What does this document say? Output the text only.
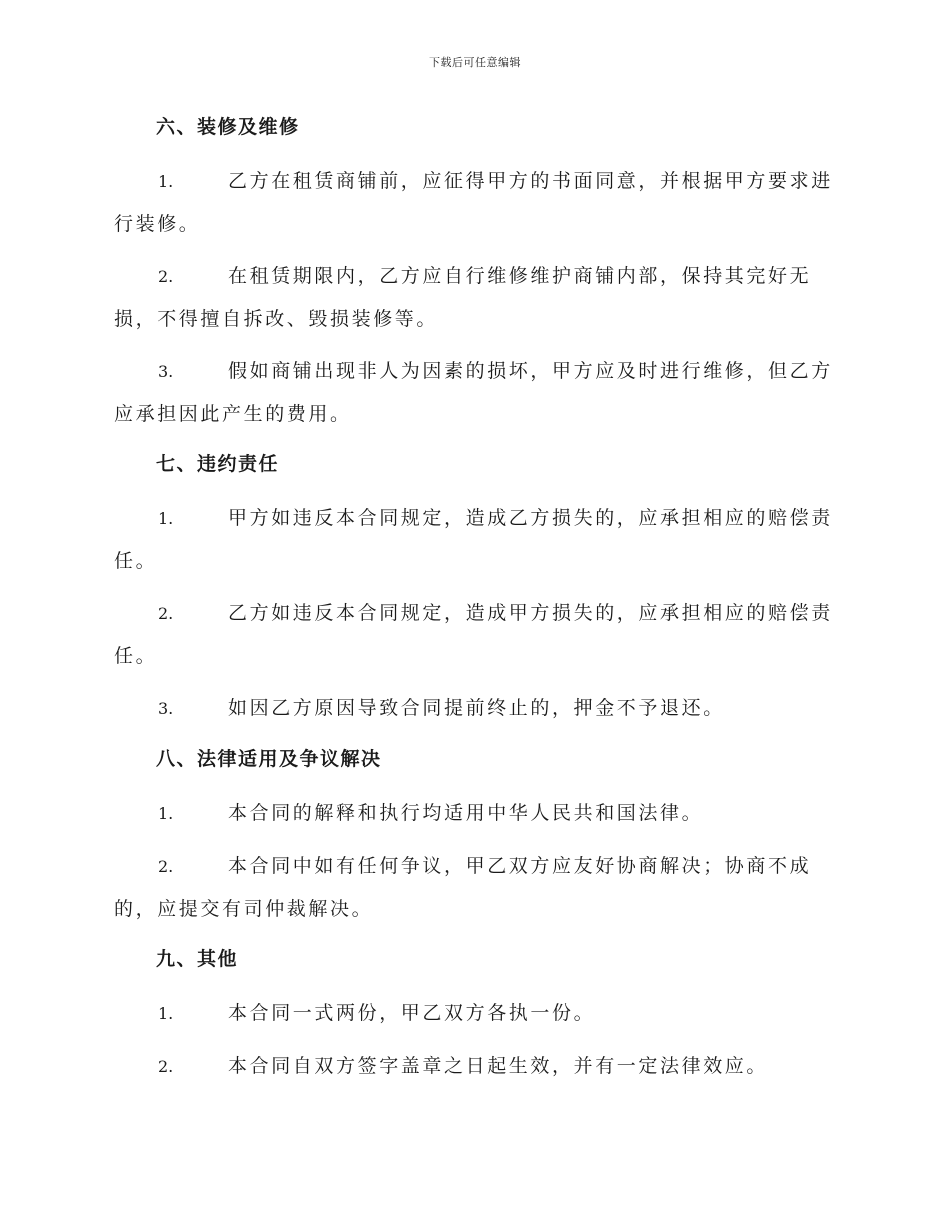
下载后可任意编辑
六、装修及维修

1.	乙方在租赁商铺前，应征得甲方的书面同意，并根据甲方要求进行装修。

2.	在租赁期限内，乙方应自行维修维护商铺内部，保持其完好无损，不得擅自拆改、毁损装修等。

3.	假如商铺出现非人为因素的损坏，甲方应及时进行维修，但乙方应承担因此产生的费用。

七、违约责任

1.	甲方如违反本合同规定，造成乙方损失的，应承担相应的赔偿责任。

2.	乙方如违反本合同规定，造成甲方损失的，应承担相应的赔偿责任。

3.	如因乙方原因导致合同提前终止的，押金不予退还。

八、法律适用及争议解决

1.	本合同的解释和执行均适用中华人民共和国法律。

2.	本合同中如有任何争议，甲乙双方应友好协商解决；协商不成的，应提交有司仲裁解决。

九、其他

1.	本合同一式两份，甲乙双方各执一份。

2.	本合同自双方签字盖章之日起生效，并有一定法律效应。
